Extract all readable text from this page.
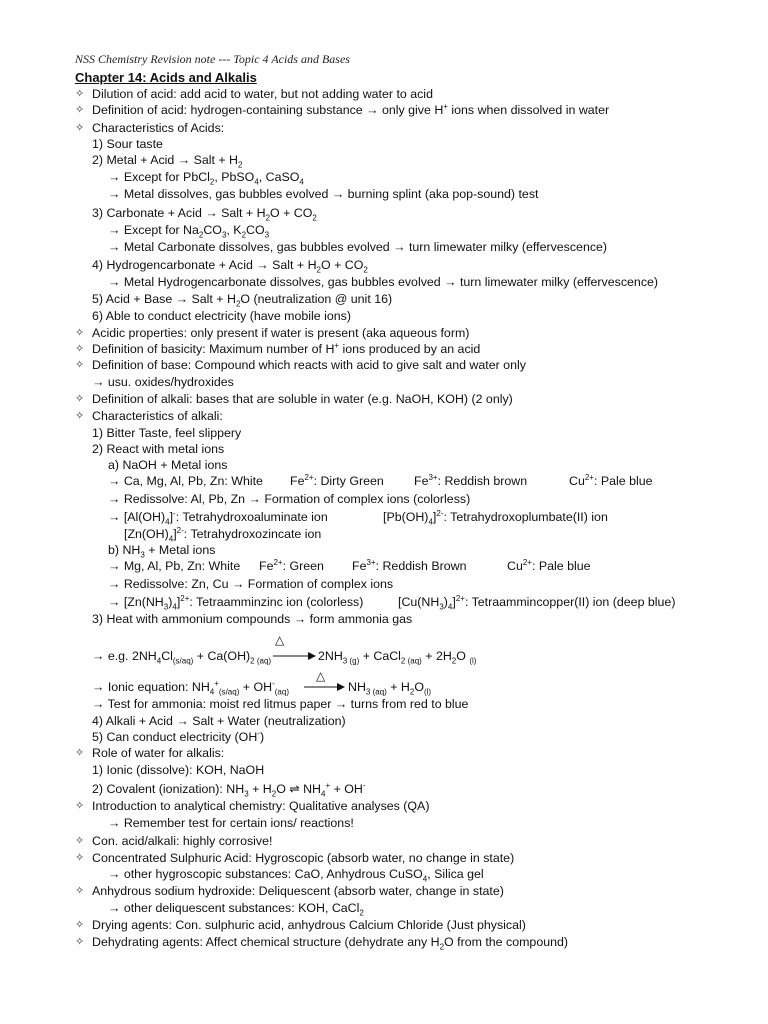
NSS Chemistry Revision note --- Topic 4 Acids and Bases
Chapter 14: Acids and Alkalis
✧
✧
✧
✧
✧
✧
✧
✧
✧
✧
✧
✧
✧
✧
✧
Dilution of acid: add acid to water, but not adding water to acid
Definition of acid: hydrogen-containing substance → only give H+ ions when dissolved in water
Characteristics of Acids:
1) Sour taste
2) Metal + Acid → Salt + $H_2$
→ Except for PbCl$_2$, PbSO$_4$, CaSO$_4$
→ Metal dissolves, gas bubbles evolved → burning splint (aka pop-sound) test
3) Carbonate + Acid → Salt + $H_2O + CO_2$
→ Except for $Na_2CO_3$, $K_2CO_3$
→ Metal Carbonate dissolves, gas bubbles evolved → turn limewater milky (effervescence)
4) Hydrogencarbonate + Acid → Salt + $H_2O + CO_2$
→ Metal Hydrogencarbonate dissolves, gas bubbles evolved → turn limewater milky (effervescence)
5) Acid + Base → Salt + $H_2O$ (neutralization @ unit 16)
6) Able to conduct electricity (have mobile ions)
Acidic properties: only present if water is present (aka aqueous form)
Definition of basicity: Maximum number of H+ ions produced by an acid
Definition of base: Compound which reacts with acid to give salt and water only
→ usu. oxides/hydroxides
Definition of alkali: bases that are soluble in water (e.g. NaOH, KOH) (2 only)
Characteristics of alkali:
1) Bitter Taste, feel slippery
2) React with metal ions
a) NaOH + Metal ions
→ Ca, Mg, Al, Pb, Zn: White $Fe^{2+}$: Dirty Green $Fe^{3+}$: Reddish brown	$Cu^{2+}$: Pale blue
→ Redissolve: Al, Pb, Zn → Formation of complex ions (colorless)
→ $[Al(OH)_4]^-$: Tetrahydroxoaluminate ion	$[Pb(OH)_4]^{2-}$: Tetrahydroxoplumbate(II) ion
$[Zn(OH)_4]^{2-}$: Tetrahydroxozincate ion
b) $NH_3$ + Metal ions
→ Mg, Al, Pb, Zn: White $Fe^{2+}$: Green $Fe^{3+}$: Reddish Brown	$Cu^{2+}$: Pale blue
→ Redissolve: Zn, Cu → Formation of complex ions
→ $[Zn(NH_3)_4]^{2+}$: Tetraamminzinc ion (colorless)	$[Cu(NH_3)_4]^{2+}$: Tetraammincopper(II) ion (deep blue)
3) Heat with ammonium compounds → form ammonia gas
→ e.g. $2NH_4Cl_{(s/aq)} + Ca(OH)_{2 (aq)}$
△
→ $2NH_{3 (g)}$ + CaCl$_{2 (aq)}$ + $2H_2O$ $_{(l)}$
→ Ionic equation: $NH_4^+_{(s/aq)} + OH^-_{(aq)}$
△
→ $NH_{3 (aq)} + H_2O_{(l)}$
→ Test for ammonia: moist red litmus paper → turns from red to blue
4) Alkali + Acid → Salt + Water (neutralization)
5) Can conduct electricity (OH-)
Role of water for alkalis:
1) Ionic (dissolve): KOH, NaOH
2) Covalent (ionization): $NH_3 + H_2O$ ⇌ $NH_4^+ + OH^-$
Introduction to analytical chemistry: Qualitative analyses (QA)
→ Remember test for certain ions/ reactions!
Con. acid/alkali: highly corrosive!
Concentrated Sulphuric Acid: Hygroscopic (absorb water, no change in state)
→ other hygroscopic substances: CaO, Anhydrous CuSO$_4$, Silica gel
Anhydrous sodium hydroxide: Deliquescent (absorb water, change in state)
→ other deliquescent substances: KOH, CaCl$_2$
Drying agents: Con. sulphuric acid, anhydrous Calcium Chloride (Just physical)
Dehydrating agents: Affect chemical structure (dehydrate any $H_2O$ from the compound)
